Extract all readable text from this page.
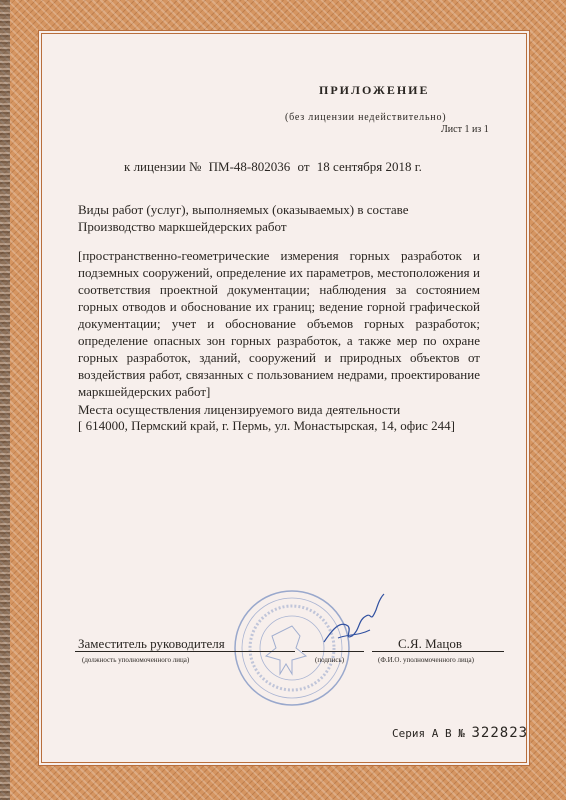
· · · · · · · · · · · · · · · ·
· · · · · · · · · · · · · · · · · · · · · · · ·
ПРИЛОЖЕНИЕ
(без лицензии недействительно)
Лист 1 из 1
к лицензии № ПМ-48-802036 от 18 сентября 2018 г.
Виды работ (услуг), выполняемых (оказываемых) в составе
Производство маркшейдерских работ
[пространственно-геометрические измерения горных разработок и подземных сооружений, определение их параметров, местоположения и соответствия проектной документации; наблюдения за состоянием горных отводов и обоснование их границ; ведение горной графической документации; учет и обоснование объемов горных разработок; определение опасных зон горных разработок, а также мер по охране горных разработок, зданий, сооружений и природных объектов от воздействия работ, связанных с пользованием недрами, проектирование маркшейдерских работ]
Места осуществления лицензируемого вида деятельности
[ 614000, Пермский край, г. Пермь, ул. Монастырская, 14, офис 244]
Заместитель руководителя
(должность уполномоченного лица)	(подпись)
С.Я. Мацов
(Ф.И.О. уполномоченного лица)
Серия А В № 322823
